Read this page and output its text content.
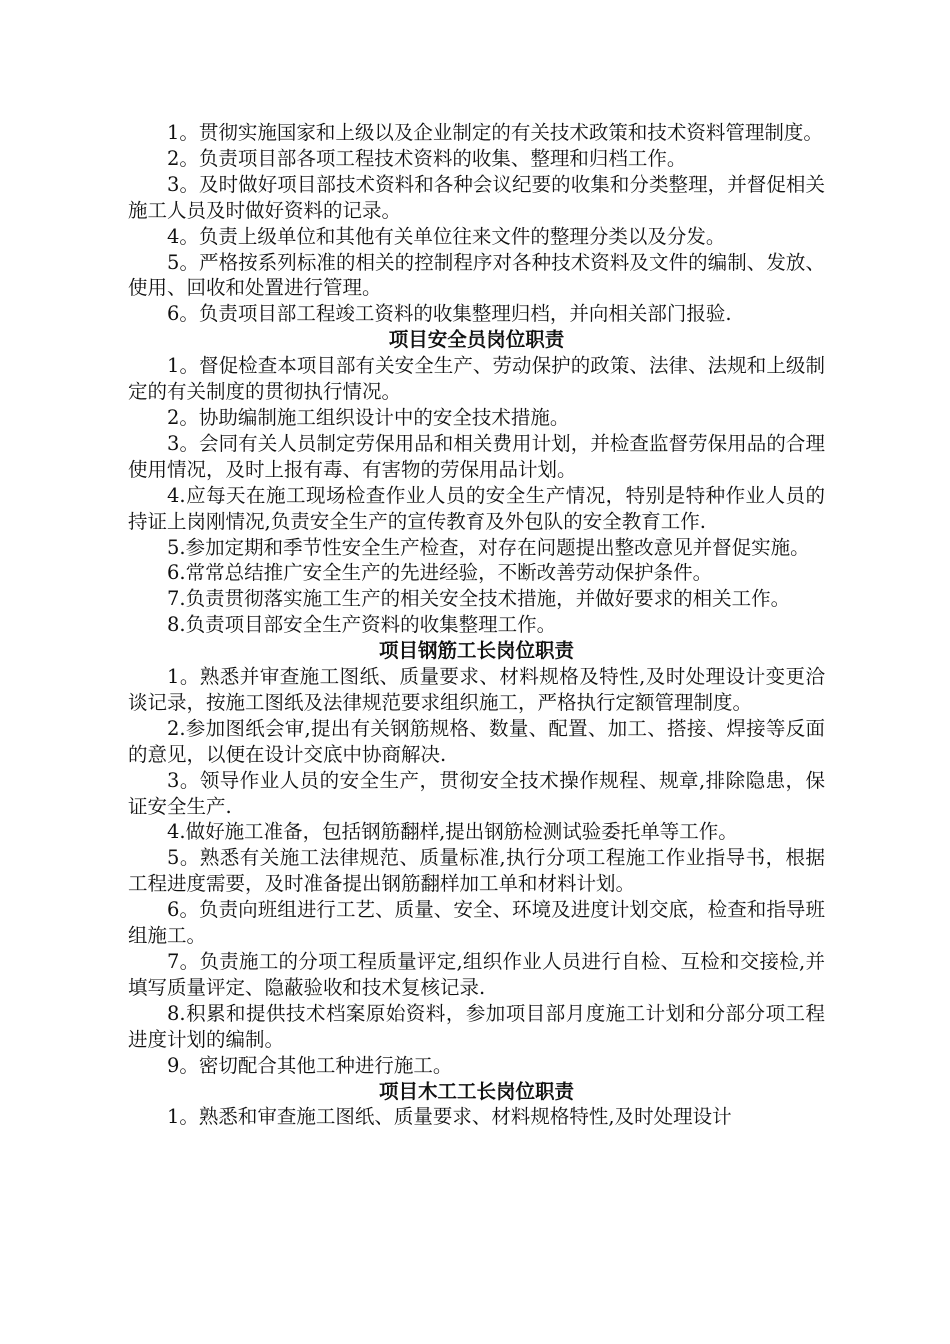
1。贯彻实施国家和上级以及企业制定的有关技术政策和技术资料管理制度。

2。负责项目部各项工程技术资料的收集、整理和归档工作。

3。及时做好项目部技术资料和各种会议纪要的收集和分类整理，并督促相关施工人员及时做好资料的记录。

4。负责上级单位和其他有关单位往来文件的整理分类以及分发。

5。严格按系列标准的相关的控制程序对各种技术资料及文件的编制、发放、使用、回收和处置进行管理。

6。负责项目部工程竣工资料的收集整理归档，并向相关部门报验.

项目安全员岗位职责

1。督促检查本项目部有关安全生产、劳动保护的政策、法律、法规和上级制定的有关制度的贯彻执行情况。

2。协助编制施工组织设计中的安全技术措施。

3。会同有关人员制定劳保用品和相关费用计划，并检查监督劳保用品的合理使用情况，及时上报有毒、有害物的劳保用品计划。

4.应每天在施工现场检查作业人员的安全生产情况，特别是特种作业人员的持证上岗刚情况,负责安全生产的宣传教育及外包队的安全教育工作.

5.参加定期和季节性安全生产检查，对存在问题提出整改意见并督促实施。

6.常常总结推广安全生产的先进经验，不断改善劳动保护条件。

7.负责贯彻落实施工生产的相关安全技术措施，并做好要求的相关工作。

8.负责项目部安全生产资料的收集整理工作。

项目钢筋工长岗位职责

1。熟悉并审查施工图纸、质量要求、材料规格及特性,及时处理设计变更洽谈记录，按施工图纸及法律规范要求组织施工，严格执行定额管理制度。

2.参加图纸会审,提出有关钢筋规格、数量、配置、加工、搭接、焊接等反面的意见，以便在设计交底中协商解决.

3。领导作业人员的安全生产，贯彻安全技术操作规程、规章,排除隐患，保证安全生产.

4.做好施工准备，包括钢筋翻样,提出钢筋检测试验委托单等工作。

5。熟悉有关施工法律规范、质量标准,执行分项工程施工作业指导书，根据工程进度需要，及时准备提出钢筋翻样加工单和材料计划。

6。负责向班组进行工艺、质量、安全、环境及进度计划交底，检查和指导班组施工。

7。负责施工的分项工程质量评定,组织作业人员进行自检、互检和交接检,并填写质量评定、隐蔽验收和技术复核记录.

8.积累和提供技术档案原始资料，参加项目部月度施工计划和分部分项工程进度计划的编制。

9。密切配合其他工种进行施工。

项目木工工长岗位职责

1。熟悉和审查施工图纸、质量要求、材料规格特性,及时处理设计
